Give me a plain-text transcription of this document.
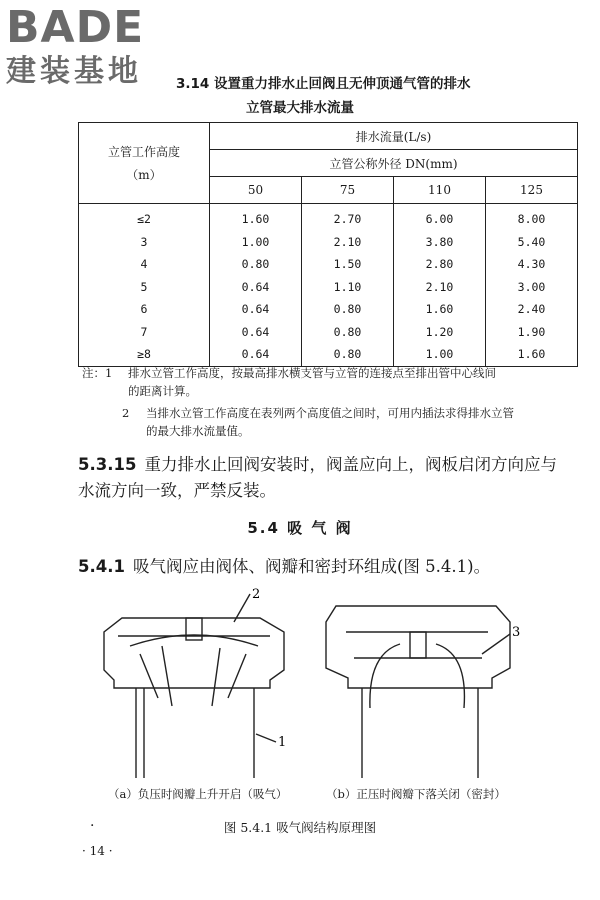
BADE
建装基地	3.14 设置重力排水止回阀且无伸顶通气管的排水
立管最大排水流量
立管工作高度
（m）	排水流量(L/s)			
	立管公称外径 DN(mm)			
	50	75	110	125
≤2	1.60	2.70	6.00	8.00
3	1.00	2.10	3.80	5.40
4	0.80	1.50	2.80	4.30
5	0.64	1.10	2.10	3.00
6	0.64	0.80	1.60	2.40
7	0.64	0.80	1.20	1.90
≥8	0.64	0.80	1.00	1.60
注：1 排水立管工作高度，按最高排水横支管与立管的连接点至排出管中心线间
的距离计算。
2 当排水立管工作高度在表列两个高度值之间时，可用内插法求得排水立管
的最大排水流量值。
5.3.15 重力排水止回阀安装时，阀盖应向上，阀板启闭方向应与
水流方向一致，严禁反装。
5.4 吸 气 阀
5.4.1 吸气阀应由阀体、阀瓣和密封环组成(图 5.4.1)。
2
1
3
（a）负压时阀瓣上升开启（吸气）	（b）正压时阀瓣下落关闭（密封）
·	图 5.4.1 吸气阀结构原理图
· 14 ·
